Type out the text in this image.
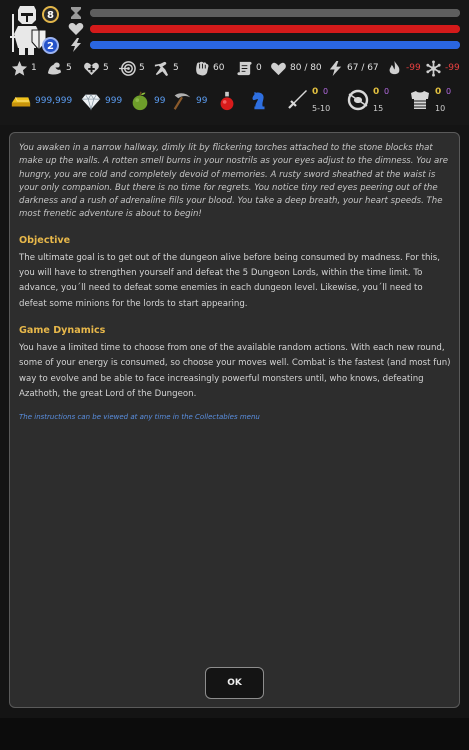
8
2
1	5	5	5	5	60	0	80 / 80	67 / 67	-99	-99
999,999	999	99	99
0 0
5-10
0 0
15
0 0
10

You awaken in a narrow hallway, dimly lit by flickering torches attached to the stone blocks that make up the walls. A rotten smell burns in your nostrils as your eyes adjust to the dimness. You are hungry, you are cold and completely devoid of memories. A rusty sword sheathed at the waist is your only companion. But there is no time for regrets. You notice tiny red eyes peering out of the darkness and a rush of adrenaline fills your blood. You take a deep breath, your heart speeds. The most frenetic adventure is about to begin!

Objective

The ultimate goal is to get out of the dungeon alive before being consumed by madness. For this, you will have to strengthen yourself and defeat the 5 Dungeon Lords, within the time limit. To advance, you´ll need to defeat some enemies in each dungeon level. Likewise, you´ll need to defeat some minions for the lords to start appearing.

Game Dynamics

You have a limited time to choose from one of the available random actions. With each new round, some of your energy is consumed, so choose your moves well. Combat is the fastest (and most fun) way to evolve and be able to face increasingly powerful monsters until, who knows, defeating Azathoth, the great Lord of the Dungeon.

The instructions can be viewed at any time in the Collectables menu

OK
